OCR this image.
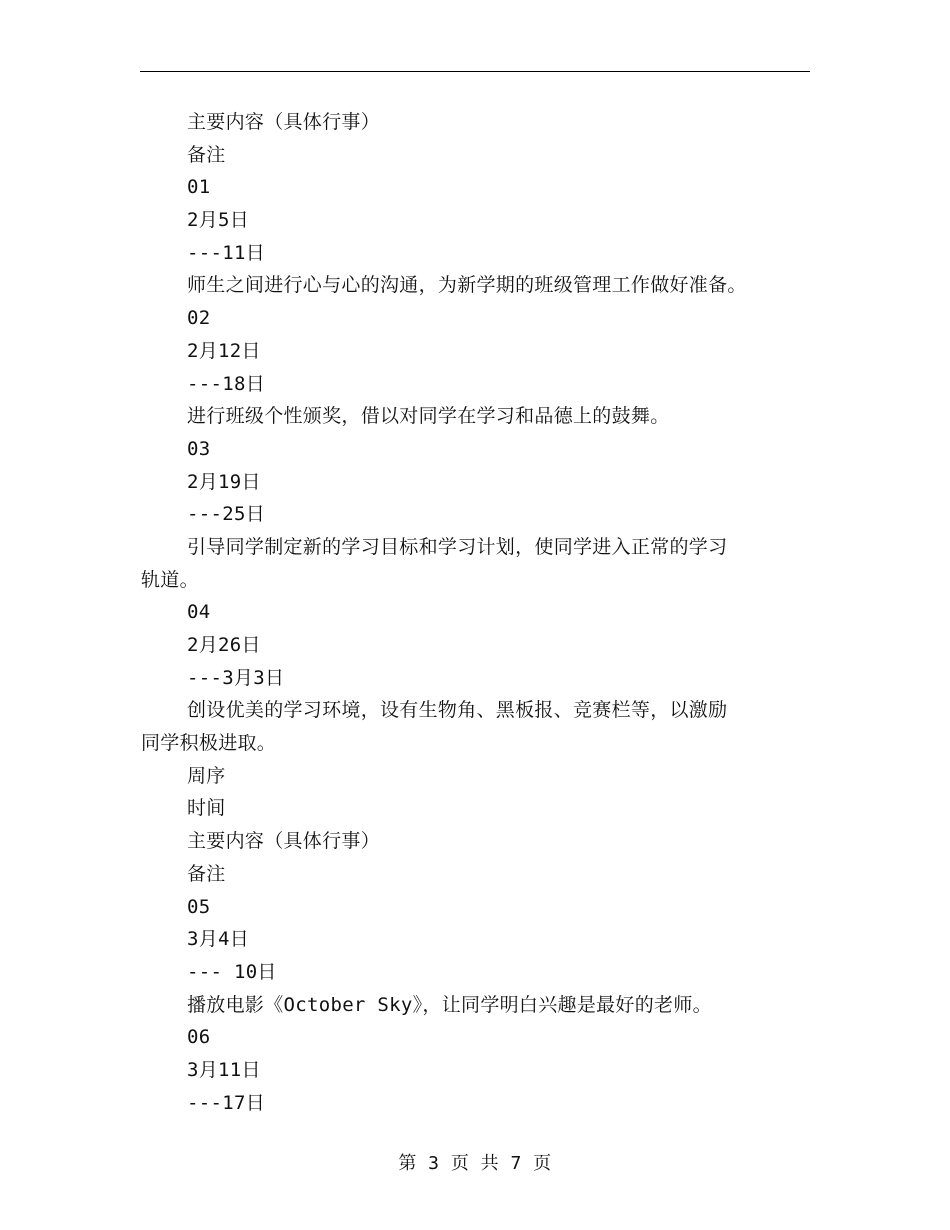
主要内容（具体行事）
备注
01
2月5日
---11日
师生之间进行心与心的沟通，为新学期的班级管理工作做好准备。
02
2月12日
---18日
进行班级个性颁奖，借以对同学在学习和品德上的鼓舞。
03
2月19日
---25日
引导同学制定新的学习目标和学习计划，使同学进入正常的学习
轨道。
04
2月26日
---3月3日
创设优美的学习环境，设有生物角、黑板报、竞赛栏等，以激励
同学积极进取。
周序
时间
主要内容（具体行事）
备注
05
3月4日
--- 10日
播放电影《October Sky》，让同学明白兴趣是最好的老师。
06
3月11日
---17日
第 3 页 共 7 页
